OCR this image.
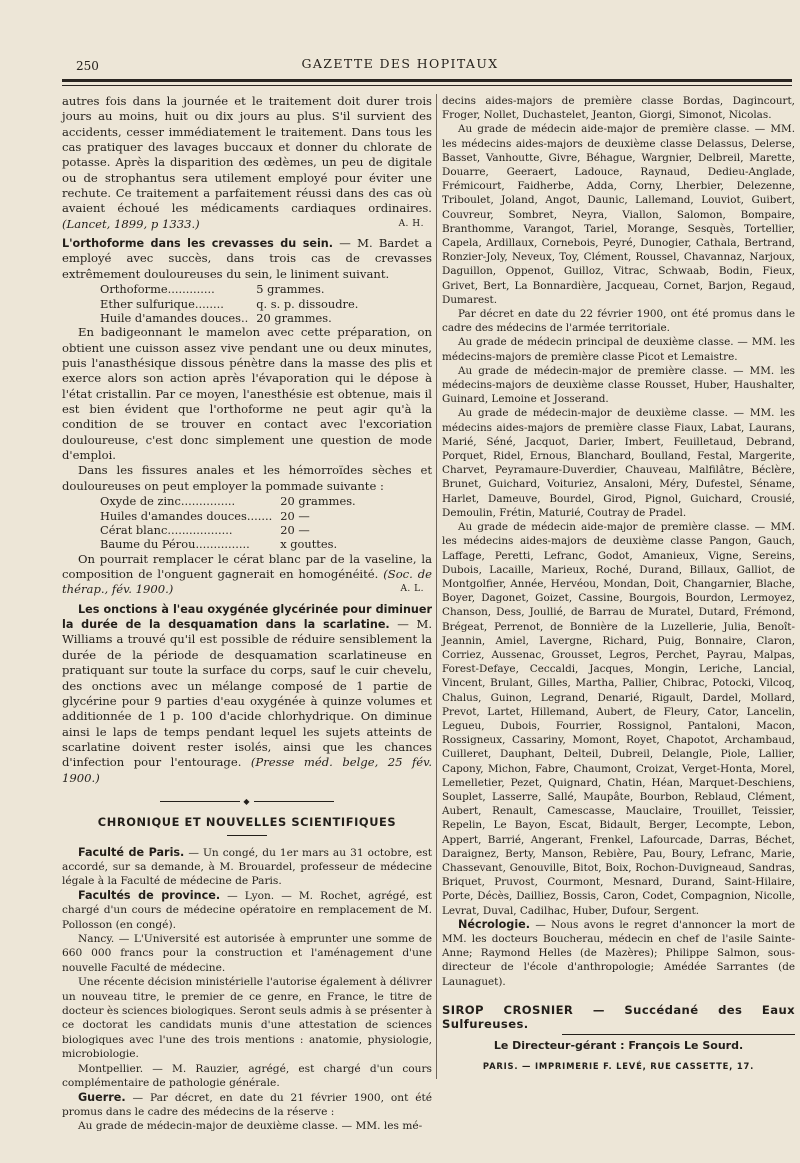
250	GAZETTE DES HOPITAUX

autres fois dans la journée et le traitement doit durer trois jours au moins, huit ou dix jours au plus. S'il survient des accidents, cesser immédiatement le traitement. Dans tous les cas pratiquer des lavages buccaux et donner du chlorate de potasse. Après la disparition des œdèmes, un peu de digitale ou de strophantus sera utilement employé pour éviter une rechute. Ce traitement a parfaitement réussi dans des cas où avaient échoué les médicaments cardiaques ordinaires. (Lancet, 1899, p 1333.)	A. H.

L'orthoforme dans les crevasses du sein. — M. Bardet a employé avec succès, dans trois cas de crevasses extrêmement douloureuses du sein, le liniment suivant.

Orthoforme.............	5 grammes.
Ether sulfurique........	q. s. p. dissoudre.
Huile d'amandes douces..	20 grammes.

En badigeonnant le mamelon avec cette préparation, on obtient une cuisson assez vive pendant une ou deux minutes, puis l'anasthésique dissous pénètre dans la masse des plis et exerce alors son action après l'évaporation qui le dépose à l'état cristallin. Par ce moyen, l'anesthésie est obtenue, mais il est bien évident que l'orthoforme ne peut agir qu'à la condition de se trouver en contact avec l'excoriation douloureuse, c'est donc simplement une question de mode d'emploi.

Dans les fissures anales et les hémorroïdes sèches et douloureuses on peut employer la pommade suivante :

Oxyde de zinc...............	20 grammes.
Huiles d'amandes douces.......	20 —
Cérat blanc..................	20 —
Baume du Pérou...............	x gouttes.

On pourrait remplacer le cérat blanc par de la vaseline, la composition de l'onguent gagnerait en homogénéité. (Soc. de thérap., fév. 1900.)	A. L.

Les onctions à l'eau oxygénée glycérinée pour diminuer la durée de la desquamation dans la scarlatine. — M. Williams a trouvé qu'il est possible de réduire sensiblement la durée de la période de desquamation scarlatineuse en pratiquant sur toute la surface du corps, sauf le cuir chevelu, des onctions avec un mélange composé de 1 partie de glycérine pour 9 parties d'eau oxygénée à quinze volumes et additionnée de 1 p. 100 d'acide chlorhydrique. On diminue ainsi le laps de temps pendant lequel les sujets atteints de scarlatine doivent rester isolés, ainsi que les chances d'infection pour l'entourage. (Presse méd. belge, 25 fév. 1900.)

◆
CHRONIQUE ET NOUVELLES SCIENTIFIQUES

Faculté de Paris. — Un congé, du 1er mars au 31 octobre, est accordé, sur sa demande, à M. Brouardel, professeur de médecine légale à la Faculté de médecine de Paris.

Facultés de province. — Lyon. — M. Rochet, agrégé, est chargé d'un cours de médecine opératoire en remplacement de M. Pollosson (en congé).

Nancy. — L'Université est autorisée à emprunter une somme de 660 000 francs pour la construction et l'aménagement d'une nouvelle Faculté de médecine.

Une récente décision ministérielle l'autorise également à délivrer un nouveau titre, le premier de ce genre, en France, le titre de docteur ès sciences biologiques. Seront seuls admis à se présenter à ce doctorat les candidats munis d'une attestation de sciences biologiques avec l'une des trois mentions : anatomie, physiologie, microbiologie.

Montpellier. — M. Rauzier, agrégé, est chargé d'un cours complémentaire de pathologie générale.

Guerre. — Par décret, en date du 21 février 1900, ont été promus dans le cadre des médecins de la réserve :

Au grade de médecin-major de deuxième classe. — MM. les mé-

decins aides-majors de première classe Bordas, Dagincourt, Froger, Nollet, Duchastelet, Jeanton, Giorgi, Simonot, Nicolas.

Au grade de médecin aide-major de première classe. — MM. les médecins aides-majors de deuxième classe Delassus, Delerse, Basset, Vanhoutte, Givre, Béhague, Wargnier, Delbreil, Marette, Douarre, Geeraert, Ladouce, Raynaud, Dedieu-Anglade, Frémicourt, Faidherbe, Adda, Corny, Lherbier, Delezenne, Triboulet, Joland, Angot, Daunic, Lallemand, Louviot, Guibert, Couvreur, Sombret, Neyra, Viallon, Salomon, Bompaire, Branthomme, Varangot, Tariel, Morange, Sesquès, Tortellier, Capela, Ardillaux, Cornebois, Peyré, Dunogier, Cathala, Bertrand, Ronzier-Joly, Neveux, Toy, Clément, Roussel, Chavannaz, Narjoux, Daguillon, Oppenot, Guilloz, Vitrac, Schwaab, Bodin, Fieux, Grivet, Bert, La Bonnardière, Jacqueau, Cornet, Barjon, Regaud, Dumarest.

Par décret en date du 22 février 1900, ont été promus dans le cadre des médecins de l'armée territoriale.

Au grade de médecin principal de deuxième classe. — MM. les médecins-majors de première classe Picot et Lemaistre.

Au grade de médecin-major de première classe. — MM. les médecins-majors de deuxième classe Rousset, Huber, Haushalter, Guinard, Lemoine et Josserand.

Au grade de médecin-major de deuxième classe. — MM. les médecins aides-majors de première classe Fiaux, Labat, Laurans, Marié, Séné, Jacquot, Darier, Imbert, Feuilletaud, Debrand, Porquet, Ridel, Ernous, Blanchard, Boulland, Festal, Margerite, Charvet, Peyramaure-Duverdier, Chauveau, Malfilâtre, Béclère, Brunet, Guichard, Voituriez, Ansaloni, Méry, Dufestel, Séname, Harlet, Dameuve, Bourdel, Girod, Pignol, Guichard, Crousié, Demoulin, Frétin, Maturié, Coutray de Pradel.

Au grade de médecin aide-major de première classe. — MM. les médecins aides-majors de deuxième classe Pangon, Gauch, Laffage, Peretti, Lefranc, Godot, Amanieux, Vigne, Sereins, Dubois, Lacaille, Marieux, Roché, Durand, Billaux, Galliot, de Montgolfier, Année, Hervéou, Mondan, Doit, Changarnier, Blache, Boyer, Dagonet, Goizet, Cassine, Bourgois, Bourdon, Lermoyez, Chanson, Dess, Joullié, de Barrau de Muratel, Dutard, Frémond, Brégeat, Perrenot, de Bonnière de la Luzellerie, Julia, Benoît-Jeannin, Amiel, Lavergne, Richard, Puig, Bonnaire, Claron, Corriez, Aussenac, Grousset, Legros, Perchet, Payrau, Malpas, Forest-Defaye, Ceccaldi, Jacques, Mongin, Leriche, Lancial, Vincent, Brulant, Gilles, Martha, Pallier, Chibrac, Potocki, Vilcoq, Chalus, Guinon, Legrand, Denarié, Rigault, Dardel, Mollard, Prevot, Lartet, Hillemand, Aubert, de Fleury, Cator, Lancelin, Legueu, Dubois, Fourrier, Rossignol, Pantaloni, Macon, Rossigneux, Cassariny, Momont, Royet, Chapotot, Archambaud, Cuilleret, Dauphant, Delteil, Dubreil, Delangle, Piole, Lallier, Capony, Michon, Fabre, Chaumont, Croizat, Verget-Honta, Morel, Lemelletier, Pezet, Quignard, Chatin, Héan, Marquet-Deschiens, Souplet, Lasserre, Sallé, Maupâte, Bourbon, Reblaud, Clément, Aubert, Renault, Camescasse, Mauclaire, Trouillet, Teissier, Repelin, Le Bayon, Escat, Bidault, Berger, Lecompte, Lebon, Appert, Barrié, Angerant, Frenkel, Lafourcade, Darras, Béchet, Daraignez, Berty, Manson, Rebière, Pau, Boury, Lefranc, Marie, Chassevant, Genouville, Bitot, Boix, Rochon-Duvigneaud, Sandras, Briquet, Pruvost, Courmont, Mesnard, Durand, Saint-Hilaire, Porte, Décès, Dailliez, Bossis, Caron, Codet, Compagnion, Nicolle, Levrat, Duval, Cadilhac, Huber, Dufour, Sergent.

Nécrologie. — Nous avons le regret d'annoncer la mort de MM. les docteurs Boucherau, médecin en chef de l'asile Sainte-Anne; Raymond Helles (de Mazères); Philippe Salmon, sous-directeur de l'école d'anthropologie; Amédée Sarrantes (de Launaguet).

SIROP CROSNIER — Succédané des Eaux Sulfureuses.
Le Directeur-gérant : François Le Sourd.
PARIS. — IMPRIMERIE F. LEVÉ, RUE CASSETTE, 17.
